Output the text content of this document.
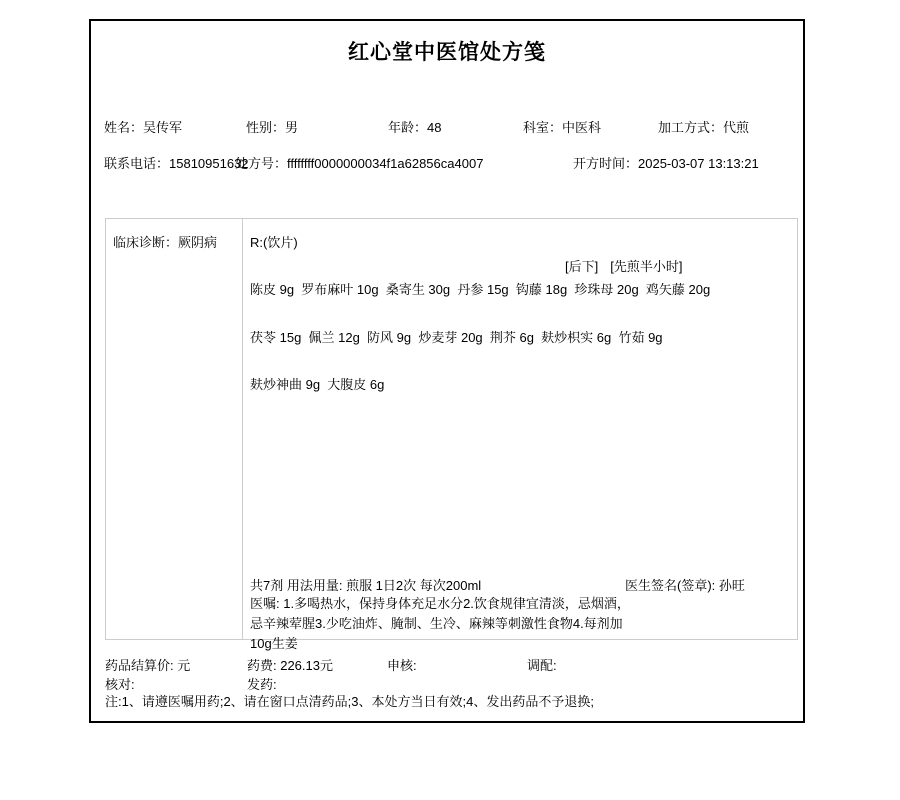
红心堂中医馆处方笺
姓名：吴传军	性别：男	年龄：48	科室：中医科	加工方式：代煎
联系电话：15810951632
处方号：ffffffff0000000034f1a62856ca4007	开方时间：2025-03-07 13:13:21
临床诊断：厥阴病	R:(饮片)
[后下] [先煎半小时]
陈皮 9g  罗布麻叶 10g  桑寄生 30g  丹参 15g  钩藤 18g  珍珠母 20g  鸡矢藤 20g
茯苓 15g  佩兰 12g  防风 9g  炒麦芽 20g  荆芥 6g  麸炒枳实 6g  竹茹 9g
麸炒神曲 9g  大腹皮 6g
共7剂 用法用量: 煎服 1日2次 每次200ml	医生签名(签章): 孙旺
医嘱: 1.多喝热水，保持身体充足水分2.饮食规律宜清淡，忌烟酒，
忌辛辣荤腥3.少吃油炸、腌制、生冷、麻辣等刺激性食物4.每剂加
10g生姜
药品结算价: 元	药费: 226.13元	申核:	调配:
核对:	发药:
注:1、请遵医嘱用药;2、请在窗口点清药品;3、本处方当日有效;4、发出药品不予退换;
